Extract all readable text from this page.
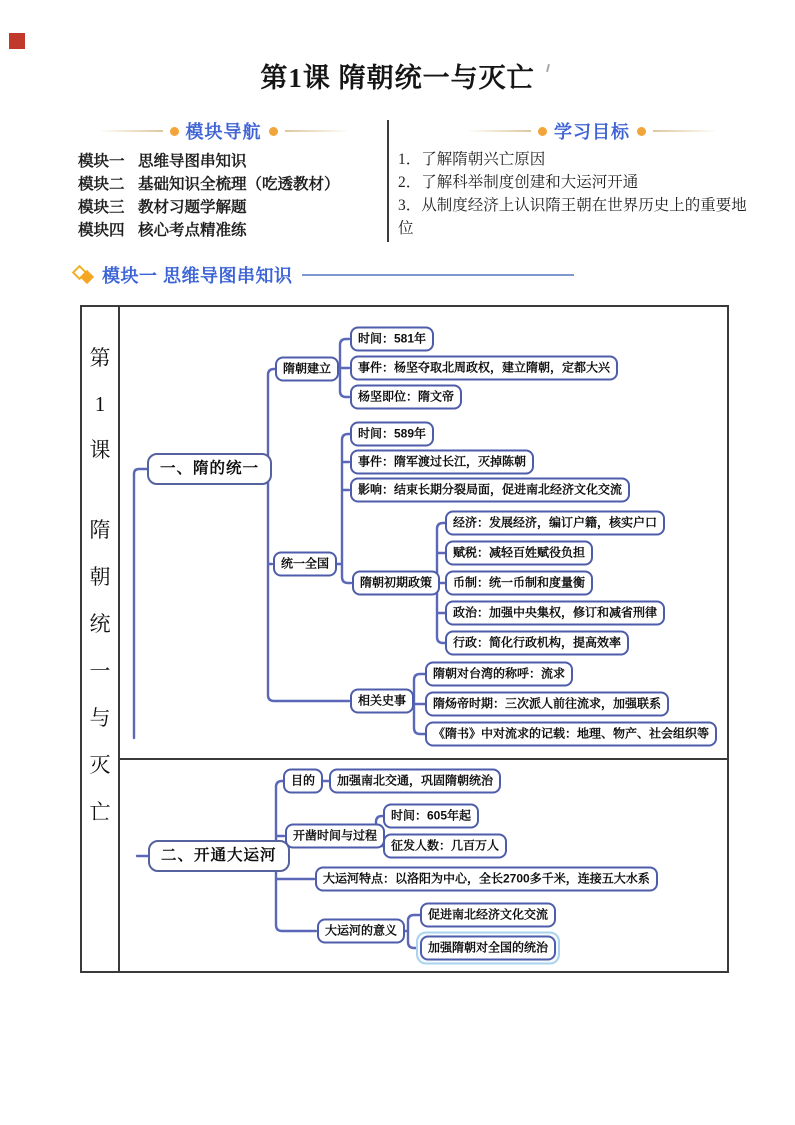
第1课 隋朝统一与灭亡
模块导航
模块一 思维导图串知识
模块二 基础知识全梳理（吃透教材）
模块三 教材习题学解题
模块四 核心考点精准练
学习目标
1．了解隋朝兴亡原因
2．了解科举制度创建和大运河开通
3．从制度经济上认识隋王朝在世界历史上的重要地位
模块一 思维导图串知识
第
1
课
隋
朝
统
一
与
灭
亡
一、隋的统一
隋朝建立
时间：581年
事件：杨坚夺取北周政权，建立隋朝，定都大兴
杨坚即位：隋文帝
统一全国
时间：589年
事件：隋军渡过长江，灭掉陈朝
影响：结束长期分裂局面，促进南北经济文化交流
隋朝初期政策
经济：发展经济，编订户籍，核实户口
赋税：减轻百姓赋役负担
币制：统一币制和度量衡
政治：加强中央集权，修订和减省刑律
行政：简化行政机构，提高效率
相关史事
隋朝对台湾的称呼：流求
隋炀帝时期：三次派人前往流求，加强联系
《隋书》中对流求的记载：地理、物产、社会组织等
二、开通大运河
目的	加强南北交通，巩固隋朝统治
开凿时间与过程
时间：605年起
征发人数：几百万人
大运河特点：以洛阳为中心，全长2700多千米，连接五大水系
大运河的意义
促进南北经济文化交流
加强隋朝对全国的统治
